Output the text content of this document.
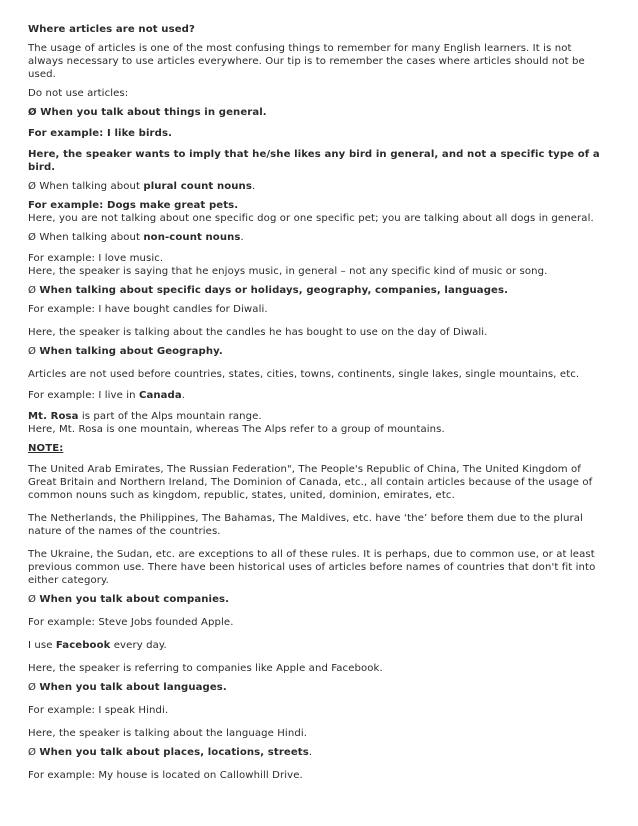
Where articles are not used?

The usage of articles is one of the most confusing things to remember for many English learners. It is not always necessary to use articles everywhere. Our tip is to remember the cases where articles should not be used.

Do not use articles:

Ø When you talk about things in general.

For example: I like birds.

Here, the speaker wants to imply that he/she likes any bird in general, and not a specific type of a bird.

Ø When talking about plural count nouns.

For example: Dogs make great pets.

Here, you are not talking about one specific dog or one specific pet; you are talking about all dogs in general.

Ø When talking about non-count nouns.

For example: I love music.

Here, the speaker is saying that he enjoys music, in general – not any specific kind of music or song.

Ø When talking about specific days or holidays, geography, companies, languages.

For example: I have bought candles for Diwali.

Here, the speaker is talking about the candles he has bought to use on the day of Diwali.

Ø When talking about Geography.

Articles are not used before countries, states, cities, towns, continents, single lakes, single mountains, etc.

For example: I live in Canada.

Mt. Rosa is part of the Alps mountain range.

Here, Mt. Rosa is one mountain, whereas The Alps refer to a group of mountains.

NOTE:

The United Arab Emirates, The Russian Federation", The People's Republic of China, The United Kingdom of Great Britain and Northern Ireland, The Dominion of Canada, etc., all contain articles because of the usage of common nouns such as kingdom, republic, states, united, dominion, emirates, etc.

The Netherlands, the Philippines, The Bahamas, The Maldives, etc. have ‘the’ before them due to the plural nature of the names of the countries.

The Ukraine, the Sudan, etc. are exceptions to all of these rules. It is perhaps, due to common use, or at least previous common use. There have been historical uses of articles before names of countries that don't fit into either category.

Ø When you talk about companies.

For example: Steve Jobs founded Apple.

I use Facebook every day.

Here, the speaker is referring to companies like Apple and Facebook.

Ø When you talk about languages.

For example: I speak Hindi.

Here, the speaker is talking about the language Hindi.

Ø When you talk about places, locations, streets.

For example: My house is located on Callowhill Drive.
